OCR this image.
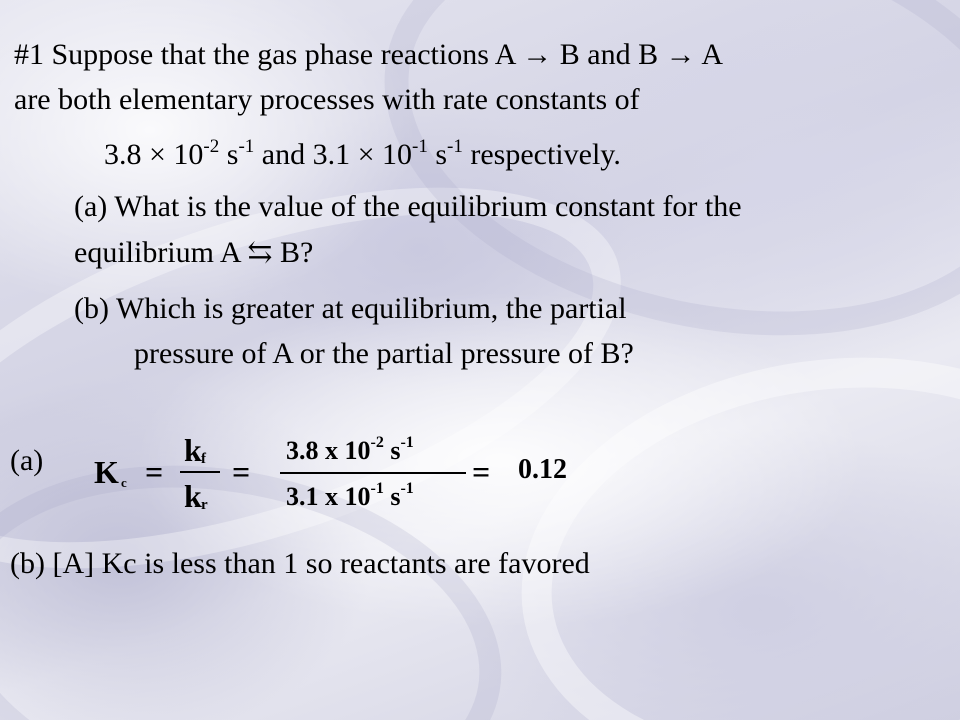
#1 Suppose that the gas phase reactions A → B and B → A

are both elementary processes with rate constants of

$3.8 \times 10^{-2}$ $s^{-1}$ and $3.1 \times 10^{-1}$ $s^{-1}$ respectively.

(a) What is the value of the equilibrium constant for the

equilibrium A ⇆ B?

(b) Which is greater at equilibrium, the partial

pressure of A or the partial pressure of B?

(a) K c =
k f
k r
=
3.8 x $10^{-2}$ $s^{-1}$
3.1 x $10^{-1}$ $s^{-1} = 0.12$

(b) [A] Kc is less than 1 so reactants are favored
